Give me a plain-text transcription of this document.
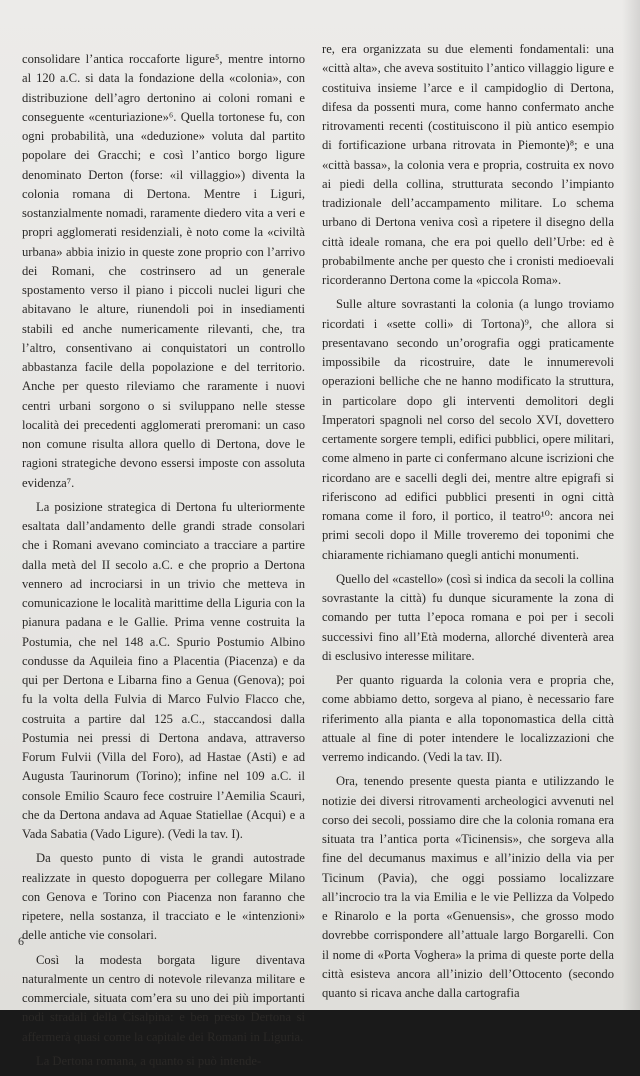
consolidare l’antica roccaforte ligure⁵, mentre intorno al 120 a.C. si data la fondazione della «colonia», con distribuzione dell’agro dertonino ai coloni romani e conseguente «centuriazione»⁶. Quella tortonese fu, con ogni probabilità, una «deduzione» voluta dal partito popolare dei Gracchi; e così l’antico borgo ligure denominato Derton (forse: «il villaggio») diventa la colonia romana di Dertona. Mentre i Liguri, sostanzialmente nomadi, raramente diedero vita a veri e propri agglomerati residenziali, è noto come la «civiltà urbana» abbia inizio in queste zone proprio con l’arrivo dei Romani, che costrinsero ad un generale spostamento verso il piano i piccoli nuclei liguri che abitavano le alture, riunendoli poi in insediamenti stabili ed anche numericamente rilevanti, che, tra l’altro, consentivano ai conquistatori un controllo abbastanza facile della popolazione e del territorio. Anche per questo rileviamo che raramente i nuovi centri urbani sorgono o si sviluppano nelle stesse località dei precedenti agglomerati preromani: un caso non comune risulta allora quello di Dertona, dove le ragioni strategiche devono essersi imposte con assoluta evidenza⁷.

La posizione strategica di Dertona fu ulteriormente esaltata dall’andamento delle grandi strade consolari che i Romani avevano cominciato a tracciare a partire dalla metà del II secolo a.C. e che proprio a Dertona vennero ad incrociarsi in un trivio che metteva in comunicazione le località marittime della Liguria con la pianura padana e le Gallie. Prima venne costruita la Postumia, che nel 148 a.C. Spurio Postumio Albino condusse da Aquileia fino a Placentia (Piacenza) e da qui per Dertona e Libarna fino a Genua (Genova); poi fu la volta della Fulvia di Marco Fulvio Flacco che, costruita a partire dal 125 a.C., staccandosi dalla Postumia nei pressi di Dertona andava, attraverso Forum Fulvii (Villa del Foro), ad Hastae (Asti) e ad Augusta Taurinorum (Torino); infine nel 109 a.C. il console Emilio Scauro fece costruire l’Aemilia Scauri, che da Dertona andava ad Aquae Statiellae (Acqui) e a Vada Sabatia (Vado Ligure). (Vedi la tav. I).

Da questo punto di vista le grandi autostrade realizzate in questo dopoguerra per collegare Milano con Genova e Torino con Piacenza non faranno che ripetere, nella sostanza, il tracciato e le «intenzioni» delle antiche vie consolari.

Così la modesta borgata ligure diventava naturalmente un centro di notevole rilevanza militare e commerciale, situata com’era su uno dei più importanti nodi stradali della Cisalpina: e ben presto Dertona si affermerà quasi come la capitale dei Romani in Liguria.

La Dertona romana, a quanto si può intende-

re, era organizzata su due elementi fondamentali: una «città alta», che aveva sostituito l’antico villaggio ligure e costituiva insieme l’arce e il campidoglio di Dertona, difesa da possenti mura, come hanno confermato anche ritrovamenti recenti (costituiscono il più antico esempio di fortificazione urbana ritrovata in Piemonte)⁸; e una «città bassa», la colonia vera e propria, costruita ex novo ai piedi della collina, strutturata secondo l’impianto tradizionale dell’accampamento militare. Lo schema urbano di Dertona veniva così a ripetere il disegno della città ideale romana, che era poi quello dell’Urbe: ed è probabilmente anche per questo che i cronisti medioevali ricorderanno Dertona come la «piccola Roma».

Sulle alture sovrastanti la colonia (a lungo troviamo ricordati i «sette colli» di Tortona)⁹, che allora si presentavano secondo un’orografia oggi praticamente impossibile da ricostruire, date le innumerevoli operazioni belliche che ne hanno modificato la struttura, in particolare dopo gli interventi demolitori degli Imperatori spagnoli nel corso del secolo XVI, dovettero certamente sorgere templi, edifici pubblici, opere militari, come almeno in parte ci confermano alcune iscrizioni che ricordano are e sacelli degli dei, mentre altre epigrafi si riferiscono ad edifici pubblici presenti in ogni città romana come il foro, il portico, il teatro¹⁰: ancora nei primi secoli dopo il Mille troveremo dei toponimi che chiaramente richiamano quegli antichi monumenti.

Quello del «castello» (così si indica da secoli la collina sovrastante la città) fu dunque sicuramente la zona di comando per tutta l’epoca romana e poi per i secoli successivi fino all’Età moderna, allorché diventerà area di esclusivo interesse militare.

Per quanto riguarda la colonia vera e propria che, come abbiamo detto, sorgeva al piano, è necessario fare riferimento alla pianta e alla toponomastica della città attuale al fine di poter intendere le localizzazioni che verremo indicando. (Vedi la tav. II).

Ora, tenendo presente questa pianta e utilizzando le notizie dei diversi ritrovamenti archeologici avvenuti nel corso dei secoli, possiamo dire che la colonia romana era situata tra l’antica porta «Ticinensis», che sorgeva alla fine del decumanus maximus e all’inizio della via per Ticinum (Pavia), che oggi possiamo localizzare all’incrocio tra la via Emilia e le vie Pellizza da Volpedo e Rinarolo e la porta «Genuensis», che grosso modo dovrebbe corrispondere all’attuale largo Borgarelli. Con il nome di «Porta Voghera» la prima di queste porte della città esisteva ancora all’inizio dell’Ottocento (secondo quanto si ricava anche dalla cartografia

6
